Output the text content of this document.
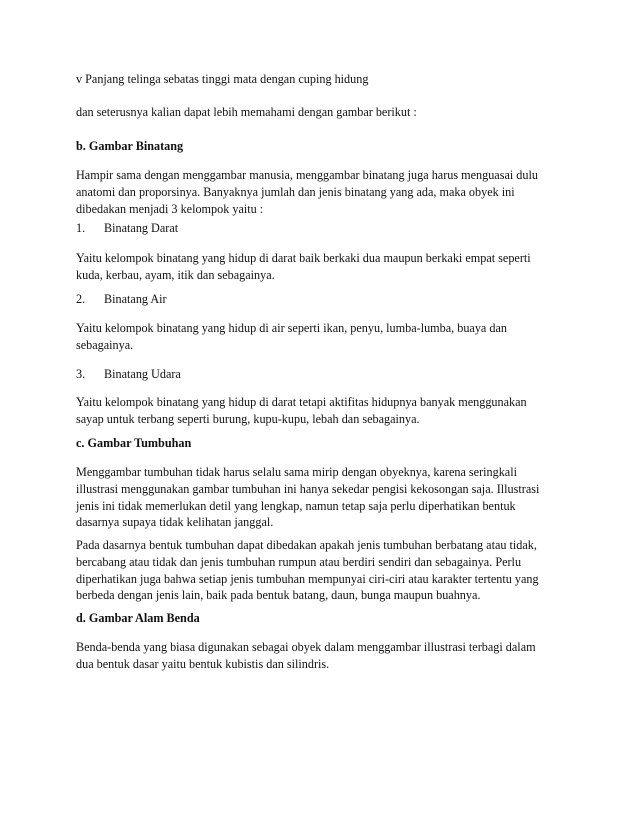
v Panjang telinga sebatas tinggi mata dengan cuping hidung

dan seterusnya kalian dapat lebih memahami dengan gambar berikut :

b. Gambar Binatang

Hampir sama dengan menggambar manusia, menggambar binatang juga harus menguasai dulu

anatomi dan proporsinya. Banyaknya jumlah dan jenis binatang yang ada, maka obyek ini

dibedakan menjadi 3 kelompok yaitu :

1. Binatang Darat

Yaitu kelompok binatang yang hidup di darat baik berkaki dua maupun berkaki empat seperti

kuda, kerbau, ayam, itik dan sebagainya.

2. Binatang Air

Yaitu kelompok binatang yang hidup di air seperti ikan, penyu, lumba-lumba, buaya dan

sebagainya.

3. Binatang Udara

Yaitu kelompok binatang yang hidup di darat tetapi aktifitas hidupnya banyak menggunakan

sayap untuk terbang seperti burung, kupu-kupu, lebah dan sebagainya.

c. Gambar Tumbuhan

Menggambar tumbuhan tidak harus selalu sama mirip dengan obyeknya, karena seringkali

illustrasi menggunakan gambar tumbuhan ini hanya sekedar pengisi kekosongan saja. Illustrasi

jenis ini tidak memerlukan detil yang lengkap, namun tetap saja perlu diperhatikan bentuk

dasarnya supaya tidak kelihatan janggal.

Pada dasarnya bentuk tumbuhan dapat dibedakan apakah jenis tumbuhan berbatang atau tidak,

bercabang atau tidak dan jenis tumbuhan rumpun atau berdiri sendiri dan sebagainya. Perlu

diperhatikan juga bahwa setiap jenis tumbuhan mempunyai ciri-ciri atau karakter tertentu yang

berbeda dengan jenis lain, baik pada bentuk batang, daun, bunga maupun buahnya.

d. Gambar Alam Benda

Benda-benda yang biasa digunakan sebagai obyek dalam menggambar illustrasi terbagi dalam

dua bentuk dasar yaitu bentuk kubistis dan silindris.
